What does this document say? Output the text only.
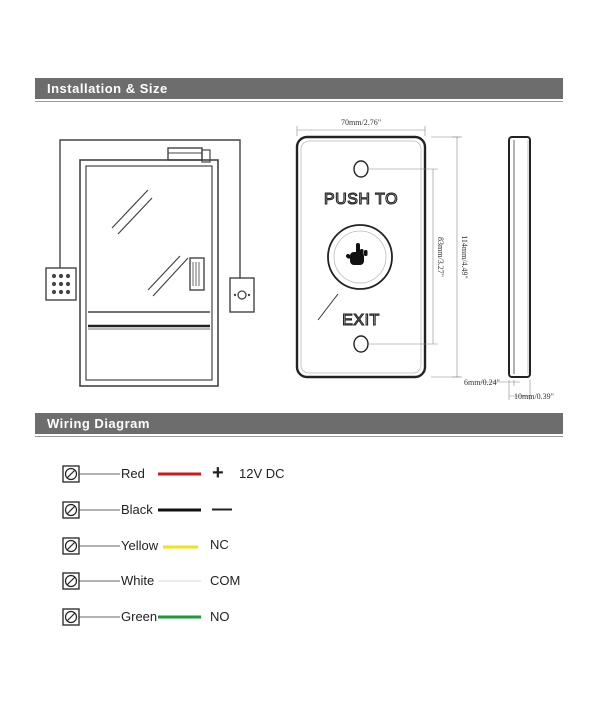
Installation & Size
PUSH TO
EXIT
70mm/2.76"
114mm/4.49"
83mm/3.27"
6mm/0.24"
10mm/0.39"
Wiring Diagram
Red
Black
Yellow
White
Green
+
—
12V DC
NC
COM
NO
